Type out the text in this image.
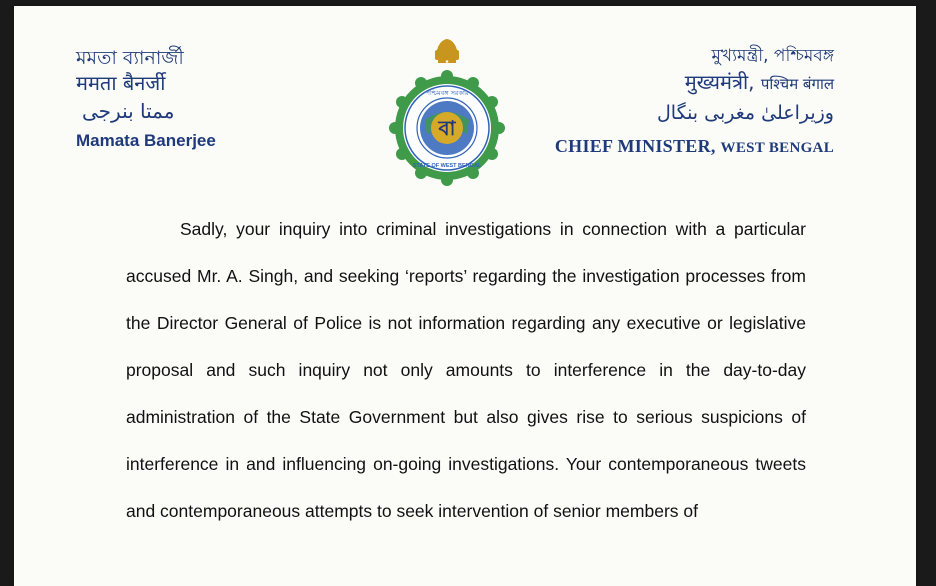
মমতা ব্যানার্জী
ममता बैनर्जी
ممتا بنرجی
Mamata Banerjee
পশ্চিমবঙ্গ সরকার
STATE OF WEST BENGAL
বা
মুখ্যমন্ত্রী, পশ্চিমবঙ্গ
मुख्यमंत्री, पश्चिम बंगाल
وزیراعلیٰ مغربی بنگال
CHIEF MINISTER, WEST BENGAL

Sadly, your inquiry into criminal investigations in connection with a particular accused Mr. A. Singh, and seeking ‘reports’ regarding the investigation processes from the Director General of Police is not information regarding any executive or legislative proposal and such inquiry not only amounts to interference in the day-to-day administration of the State Government but also gives rise to serious suspicions of interference in and influencing on-going investigations. Your contemporaneous tweets and contemporaneous attempts to seek intervention of senior members of
